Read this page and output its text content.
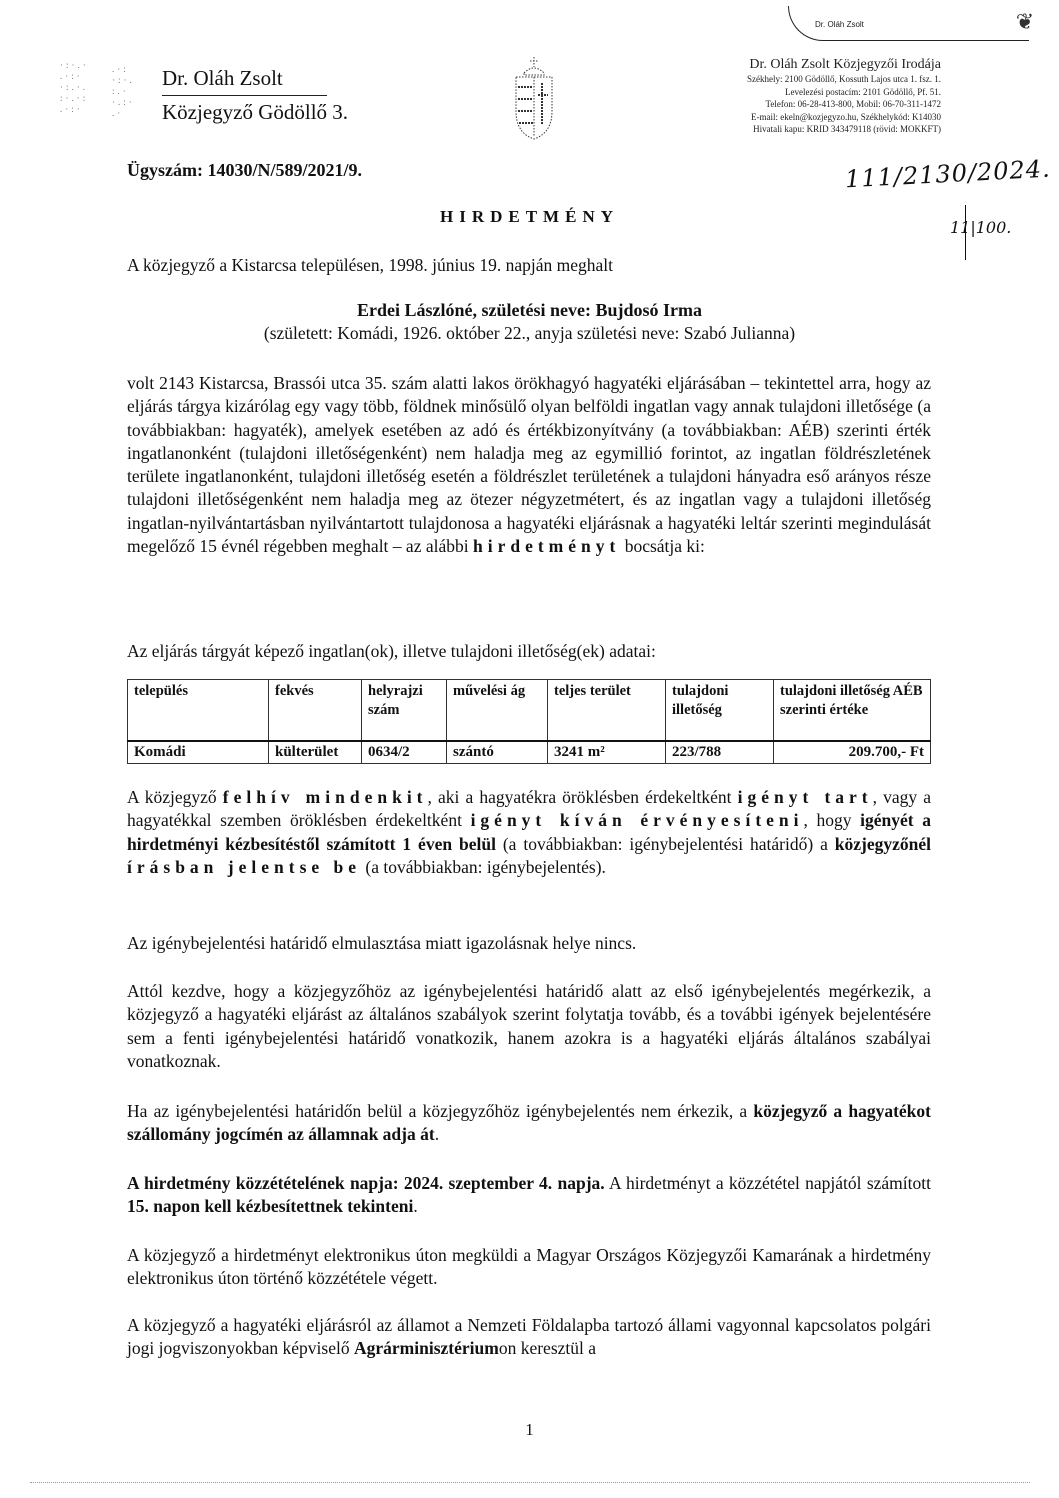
Dr. Oláh Zsolt	❦
·:·.·
.·:·
·:.·.
:·.·:
.·:·
.·:
·:·.
:.·
·.:·
.·
Dr. Oláh Zsolt
Közjegyző Gödöllő 3.
Dr. Oláh Zsolt Közjegyzői Irodája
Székhely: 2100 Gödöllő, Kossuth Lajos utca 1. fsz. 1.
Levelezési postacím: 2101 Gödöllő, Pf. 51.
Telefon: 06-28-413-800, Mobil: 06-70-311-1472
E-mail: ekeln@kozjegyzo.hu, Székhelykód: K14030
Hivatali kapu: KRID 343479118 (rövid: MOKKFT)
111/2130/2024.
11|100.
Ügyszám: 14030/N/589/2021/9.
HIRDETMÉNY
A közjegyző a Kistarcsa településen, 1998. június 19. napján meghalt
Erdei Lászlóné, születési neve: Bujdosó Irma
(született: Komádi, 1926. október 22., anyja születési neve: Szabó Julianna)
volt 2143 Kistarcsa, Brassói utca 35. szám alatti lakos örökhagyó hagyatéki eljárásában – tekintettel arra, hogy az eljárás tárgya kizárólag egy vagy több, földnek minősülő olyan belföldi ingatlan vagy annak tulajdoni illetősége (a továbbiakban: hagyaték), amelyek esetében az adó és értékbizonyítvány (a továbbiakban: AÉB) szerinti érték ingatlanonként (tulajdoni illetőségenként) nem haladja meg az egymillió forintot, az ingatlan földrészletének területe ingatlanonként, tulajdoni illetőség esetén a földrészlet területének a tulajdoni hányadra eső arányos része tulajdoni illetőségenként nem haladja meg az ötezer négyzetmétert, és az ingatlan vagy a tulajdoni illetőség ingatlan-nyilvántartásban nyilvántartott tulajdonosa a hagyatéki eljárásnak a hagyatéki leltár szerinti megindulását megelőző 15 évnél régebben meghalt – az alábbi hirdetményt bocsátja ki:
Az eljárás tárgyát képező ingatlan(ok), illetve tulajdoni illetőség(ek) adatai:
település	fekvés	helyrajzi szám	művelési ág	teljes terület	tulajdoni illetőség	tulajdoni illetőség AÉB szerinti értéke
Komádi	külterület	0634/2	szántó	3241 m²	223/788	209.700,- Ft
A közjegyző felhív mindenkit, aki a hagyatékra öröklésben érdekeltként igényt tart, vagy a hagyatékkal szemben öröklésben érdekeltként igényt kíván érvényesíteni, hogy igényét a hirdetményi kézbesítéstől számított 1 éven belül (a továbbiakban: igénybejelentési határidő) a közjegyzőnél írásban jelentse be (a továbbiakban: igénybejelentés).
Az igénybejelentési határidő elmulasztása miatt igazolásnak helye nincs.
Attól kezdve, hogy a közjegyzőhöz az igénybejelentési határidő alatt az első igénybejelentés megérkezik, a közjegyző a hagyatéki eljárást az általános szabályok szerint folytatja tovább, és a további igények bejelentésére sem a fenti igénybejelentési határidő vonatkozik, hanem azokra is a hagyatéki eljárás általános szabályai vonatkoznak.
Ha az igénybejelentési határidőn belül a közjegyzőhöz igénybejelentés nem érkezik, a közjegyző a hagyatékot szállomány jogcímén az államnak adja át.
A hirdetmény közzétételének napja: 2024. szeptember 4. napja. A hirdetményt a közzététel napjától számított 15. napon kell kézbesítettnek tekinteni.
A közjegyző a hirdetményt elektronikus úton megküldi a Magyar Országos Közjegyzői Kamarának a hirdetmény elektronikus úton történő közzététele végett.
A közjegyző a hagyatéki eljárásról az államot a Nemzeti Földalapba tartozó állami vagyonnal kapcsolatos polgári jogi jogviszonyokban képviselő Agrárminisztériumon keresztül a
1
